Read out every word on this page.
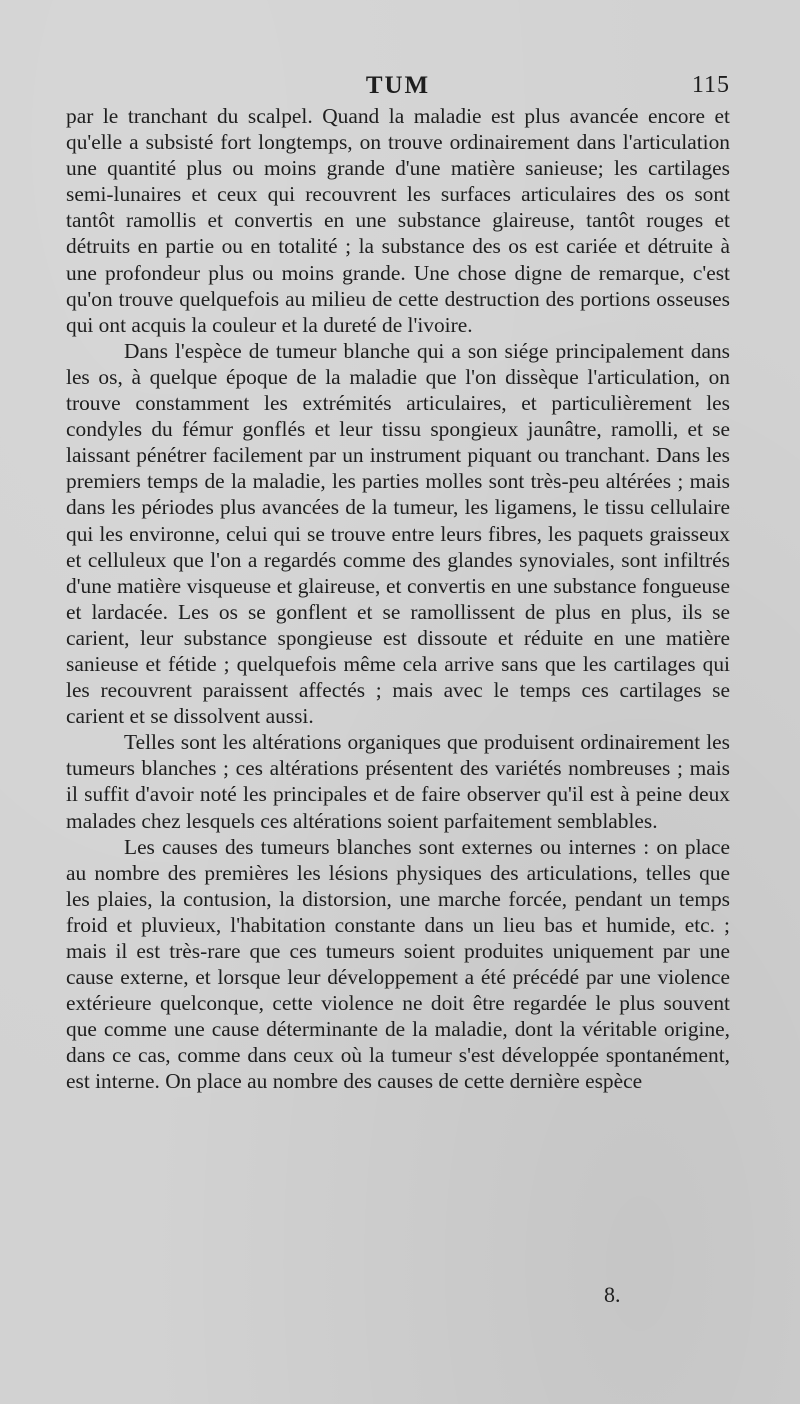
TUM	115

par le tranchant du scalpel. Quand la maladie est plus avancée encore et qu'elle a subsisté fort longtemps, on trouve ordinairement dans l'articulation une quantité plus ou moins grande d'une matière sanieuse; les cartilages semi-lunaires et ceux qui recouvrent les surfaces articulaires des os sont tantôt ramollis et convertis en une substance glaireuse, tantôt rouges et détruits en partie ou en totalité ; la substance des os est cariée et détruite à une profondeur plus ou moins grande. Une chose digne de remarque, c'est qu'on trouve quelquefois au milieu de cette destruction des portions osseuses qui ont acquis la couleur et la dureté de l'ivoire.

Dans l'espèce de tumeur blanche qui a son siége principalement dans les os, à quelque époque de la maladie que l'on dissèque l'articulation, on trouve constamment les extrémités articulaires, et particulièrement les condyles du fémur gonflés et leur tissu spongieux jaunâtre, ramolli, et se laissant pénétrer facilement par un instrument piquant ou tranchant. Dans les premiers temps de la maladie, les parties molles sont très-peu altérées ; mais dans les périodes plus avancées de la tumeur, les ligamens, le tissu cellulaire qui les environne, celui qui se trouve entre leurs fibres, les paquets graisseux et celluleux que l'on a regardés comme des glandes synoviales, sont infiltrés d'une matière visqueuse et glaireuse, et convertis en une substance fongueuse et lardacée. Les os se gonflent et se ramollissent de plus en plus, ils se carient, leur substance spongieuse est dissoute et réduite en une matière sanieuse et fétide ; quelquefois même cela arrive sans que les cartilages qui les recouvrent paraissent affectés ; mais avec le temps ces cartilages se carient et se dissolvent aussi.

Telles sont les altérations organiques que produisent ordinairement les tumeurs blanches ; ces altérations présentent des variétés nombreuses ; mais il suffit d'avoir noté les principales et de faire observer qu'il est à peine deux malades chez lesquels ces altérations soient parfaitement semblables.

Les causes des tumeurs blanches sont externes ou internes : on place au nombre des premières les lésions physiques des articulations, telles que les plaies, la contusion, la distorsion, une marche forcée, pendant un temps froid et pluvieux, l'habitation constante dans un lieu bas et humide, etc. ; mais il est très-rare que ces tumeurs soient produites uniquement par une cause externe, et lorsque leur développement a été précédé par une violence extérieure quelconque, cette violence ne doit être regardée le plus souvent que comme une cause déterminante de la maladie, dont la véritable origine, dans ce cas, comme dans ceux où la tumeur s'est développée spontanément, est interne. On place au nombre des causes de cette dernière espèce

8.
